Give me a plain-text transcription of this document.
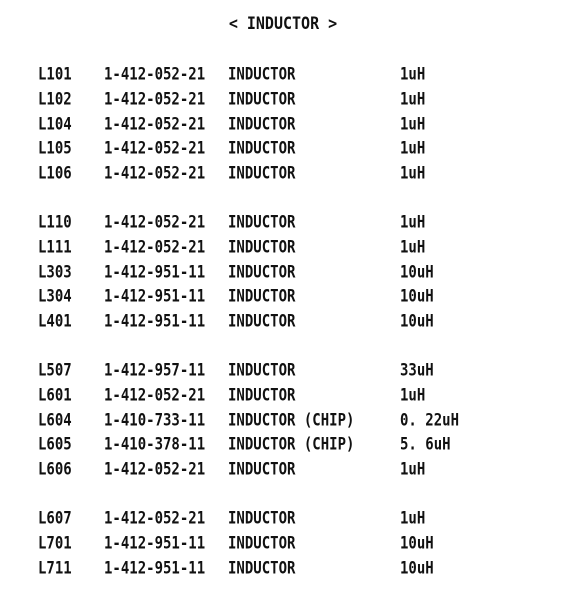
< INDUCTOR >
L101 1-412-052-21 INDUCTOR	1uH
L102 1-412-052-21 INDUCTOR	1uH
L104 1-412-052-21 INDUCTOR	1uH
L105 1-412-052-21 INDUCTOR	1uH
L106 1-412-052-21 INDUCTOR	1uH
L110 1-412-052-21 INDUCTOR	1uH
L111 1-412-052-21 INDUCTOR	1uH
L303 1-412-951-11 INDUCTOR	10uH
L304 1-412-951-11 INDUCTOR	10uH
L401 1-412-951-11 INDUCTOR	10uH
L507 1-412-957-11 INDUCTOR	33uH
L601 1-412-052-21 INDUCTOR	1uH
L604 1-410-733-11 INDUCTOR (CHIP)	0. 22uH
L605 1-410-378-11 INDUCTOR (CHIP)	5. 6uH
L606 1-412-052-21 INDUCTOR	1uH
L607 1-412-052-21 INDUCTOR	1uH
L701 1-412-951-11 INDUCTOR	10uH
L711 1-412-951-11 INDUCTOR	10uH
